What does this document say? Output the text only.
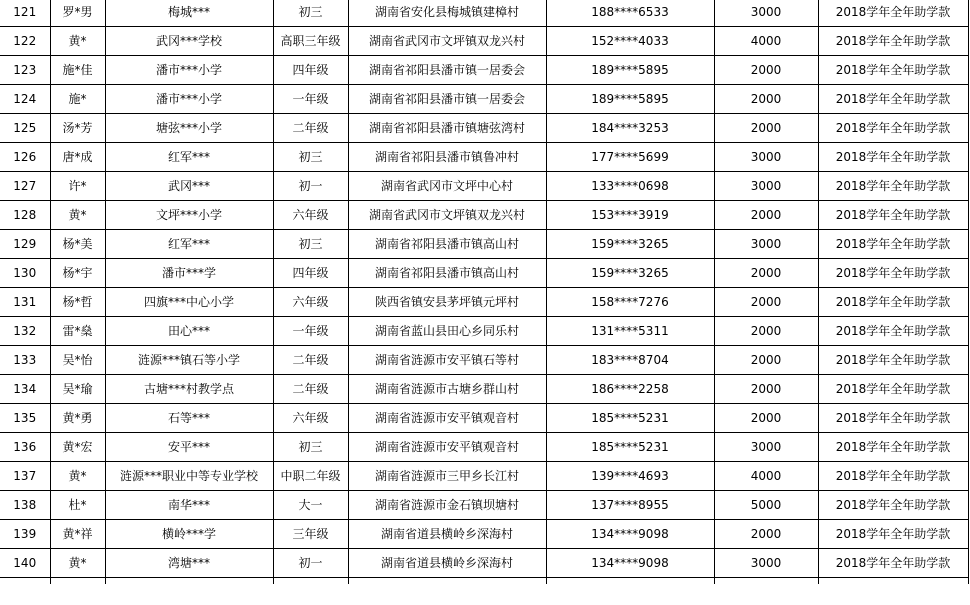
121	罗*男	梅城***	初三	湖南省安化县梅城镇建樟村	188****6533	3000	2018学年全年助学款
122	黄*	武冈***学校	高职三年级	湖南省武冈市文坪镇双龙兴村	152****4033	4000	2018学年全年助学款
123	施*佳	潘市***小学	四年级	湖南省祁阳县潘市镇一居委会	189****5895	2000	2018学年全年助学款
124	施*	潘市***小学	一年级	湖南省祁阳县潘市镇一居委会	189****5895	2000	2018学年全年助学款
125	汤*芳	塘弦***小学	二年级	湖南省祁阳县潘市镇塘弦湾村	184****3253	2000	2018学年全年助学款
126	唐*成	红军***	初三	湖南省祁阳县潘市镇鲁冲村	177****5699	3000	2018学年全年助学款
127	许*	武冈***	初一	湖南省武冈市文坪中心村	133****0698	3000	2018学年全年助学款
128	黄*	文坪***小学	六年级	湖南省武冈市文坪镇双龙兴村	153****3919	2000	2018学年全年助学款
129	杨*美	红军***	初三	湖南省祁阳县潘市镇高山村	159****3265	3000	2018学年全年助学款
130	杨*宇	潘市***学	四年级	湖南省祁阳县潘市镇高山村	159****3265	2000	2018学年全年助学款
131	杨*哲	四旗***中心小学	六年级	陕西省镇安县茅坪镇元坪村	158****7276	2000	2018学年全年助学款
132	雷*燊	田心***	一年级	湖南省蓝山县田心乡同乐村	131****5311	2000	2018学年全年助学款
133	吴*怡	涟源***镇石等小学	二年级	湖南省涟源市安平镇石等村	183****8704	2000	2018学年全年助学款
134	吴*瑜	古塘***村教学点	二年级	湖南省涟源市古塘乡群山村	186****2258	2000	2018学年全年助学款
135	黄*勇	石等***	六年级	湖南省涟源市安平镇观音村	185****5231	2000	2018学年全年助学款
136	黄*宏	安平***	初三	湖南省涟源市安平镇观音村	185****5231	3000	2018学年全年助学款
137	黄*	涟源***职业中等专业学校	中职二年级	湖南省涟源市三甲乡长江村	139****4693	4000	2018学年全年助学款
138	杜*	南华***	大一	湖南省涟源市金石镇坝塘村	137****8955	5000	2018学年全年助学款
139	黄*祥	横岭***学	三年级	湖南省道县横岭乡深海村	134****9098	2000	2018学年全年助学款
140	黄*	湾塘***	初一	湖南省道县横岭乡深海村	134****9098	3000	2018学年全年助学款
